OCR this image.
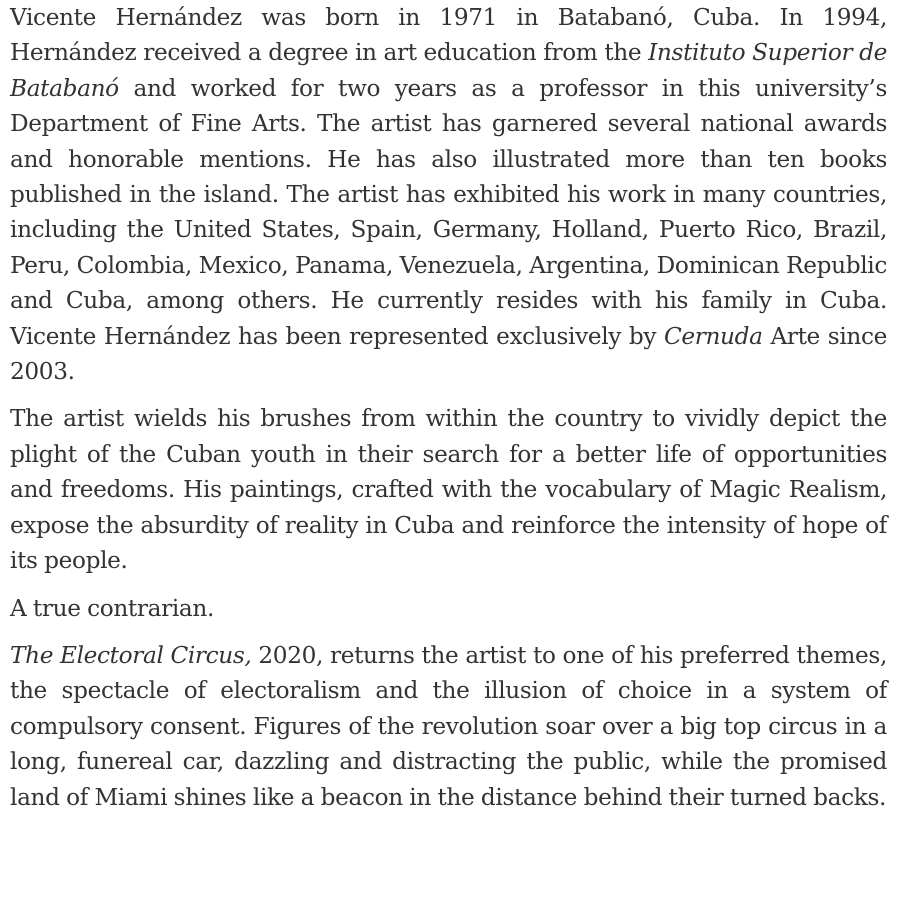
Vicente Hernández was born in 1971 in Batabanó, Cuba. In 1994, Hernández received a degree in art education from the Instituto Superior de Batabanó and worked for two years as a professor in this university’s Department of Fine Arts. The artist has garnered several national awards and honorable mentions. He has also illustrated more than ten books published in the island. The artist has exhibited his work in many countries, including the United States, Spain, Germany, Holland, Puerto Rico, Brazil, Peru, Colombia, Mexico, Panama, Venezuela, Argentina, Dominican Republic and Cuba, among others. He currently resides with his family in Cuba. Vicente Hernández has been represented exclusively by Cernuda Arte since 2003.

The artist wields his brushes from within the country to vividly depict the plight of the Cuban youth in their search for a better life of opportunities and freedoms. His paintings, crafted with the vocabulary of Magic Realism, expose the absurdity of reality in Cuba and reinforce the intensity of hope of its people.

A true contrarian.

The Electoral Circus, 2020, returns the artist to one of his preferred themes, the spectacle of electoralism and the illusion of choice in a system of compulsory consent. Figures of the revolution soar over a big top circus in a long, funereal car, dazzling and distracting the public, while the promised land of Miami shines like a beacon in the distance behind their turned backs.
